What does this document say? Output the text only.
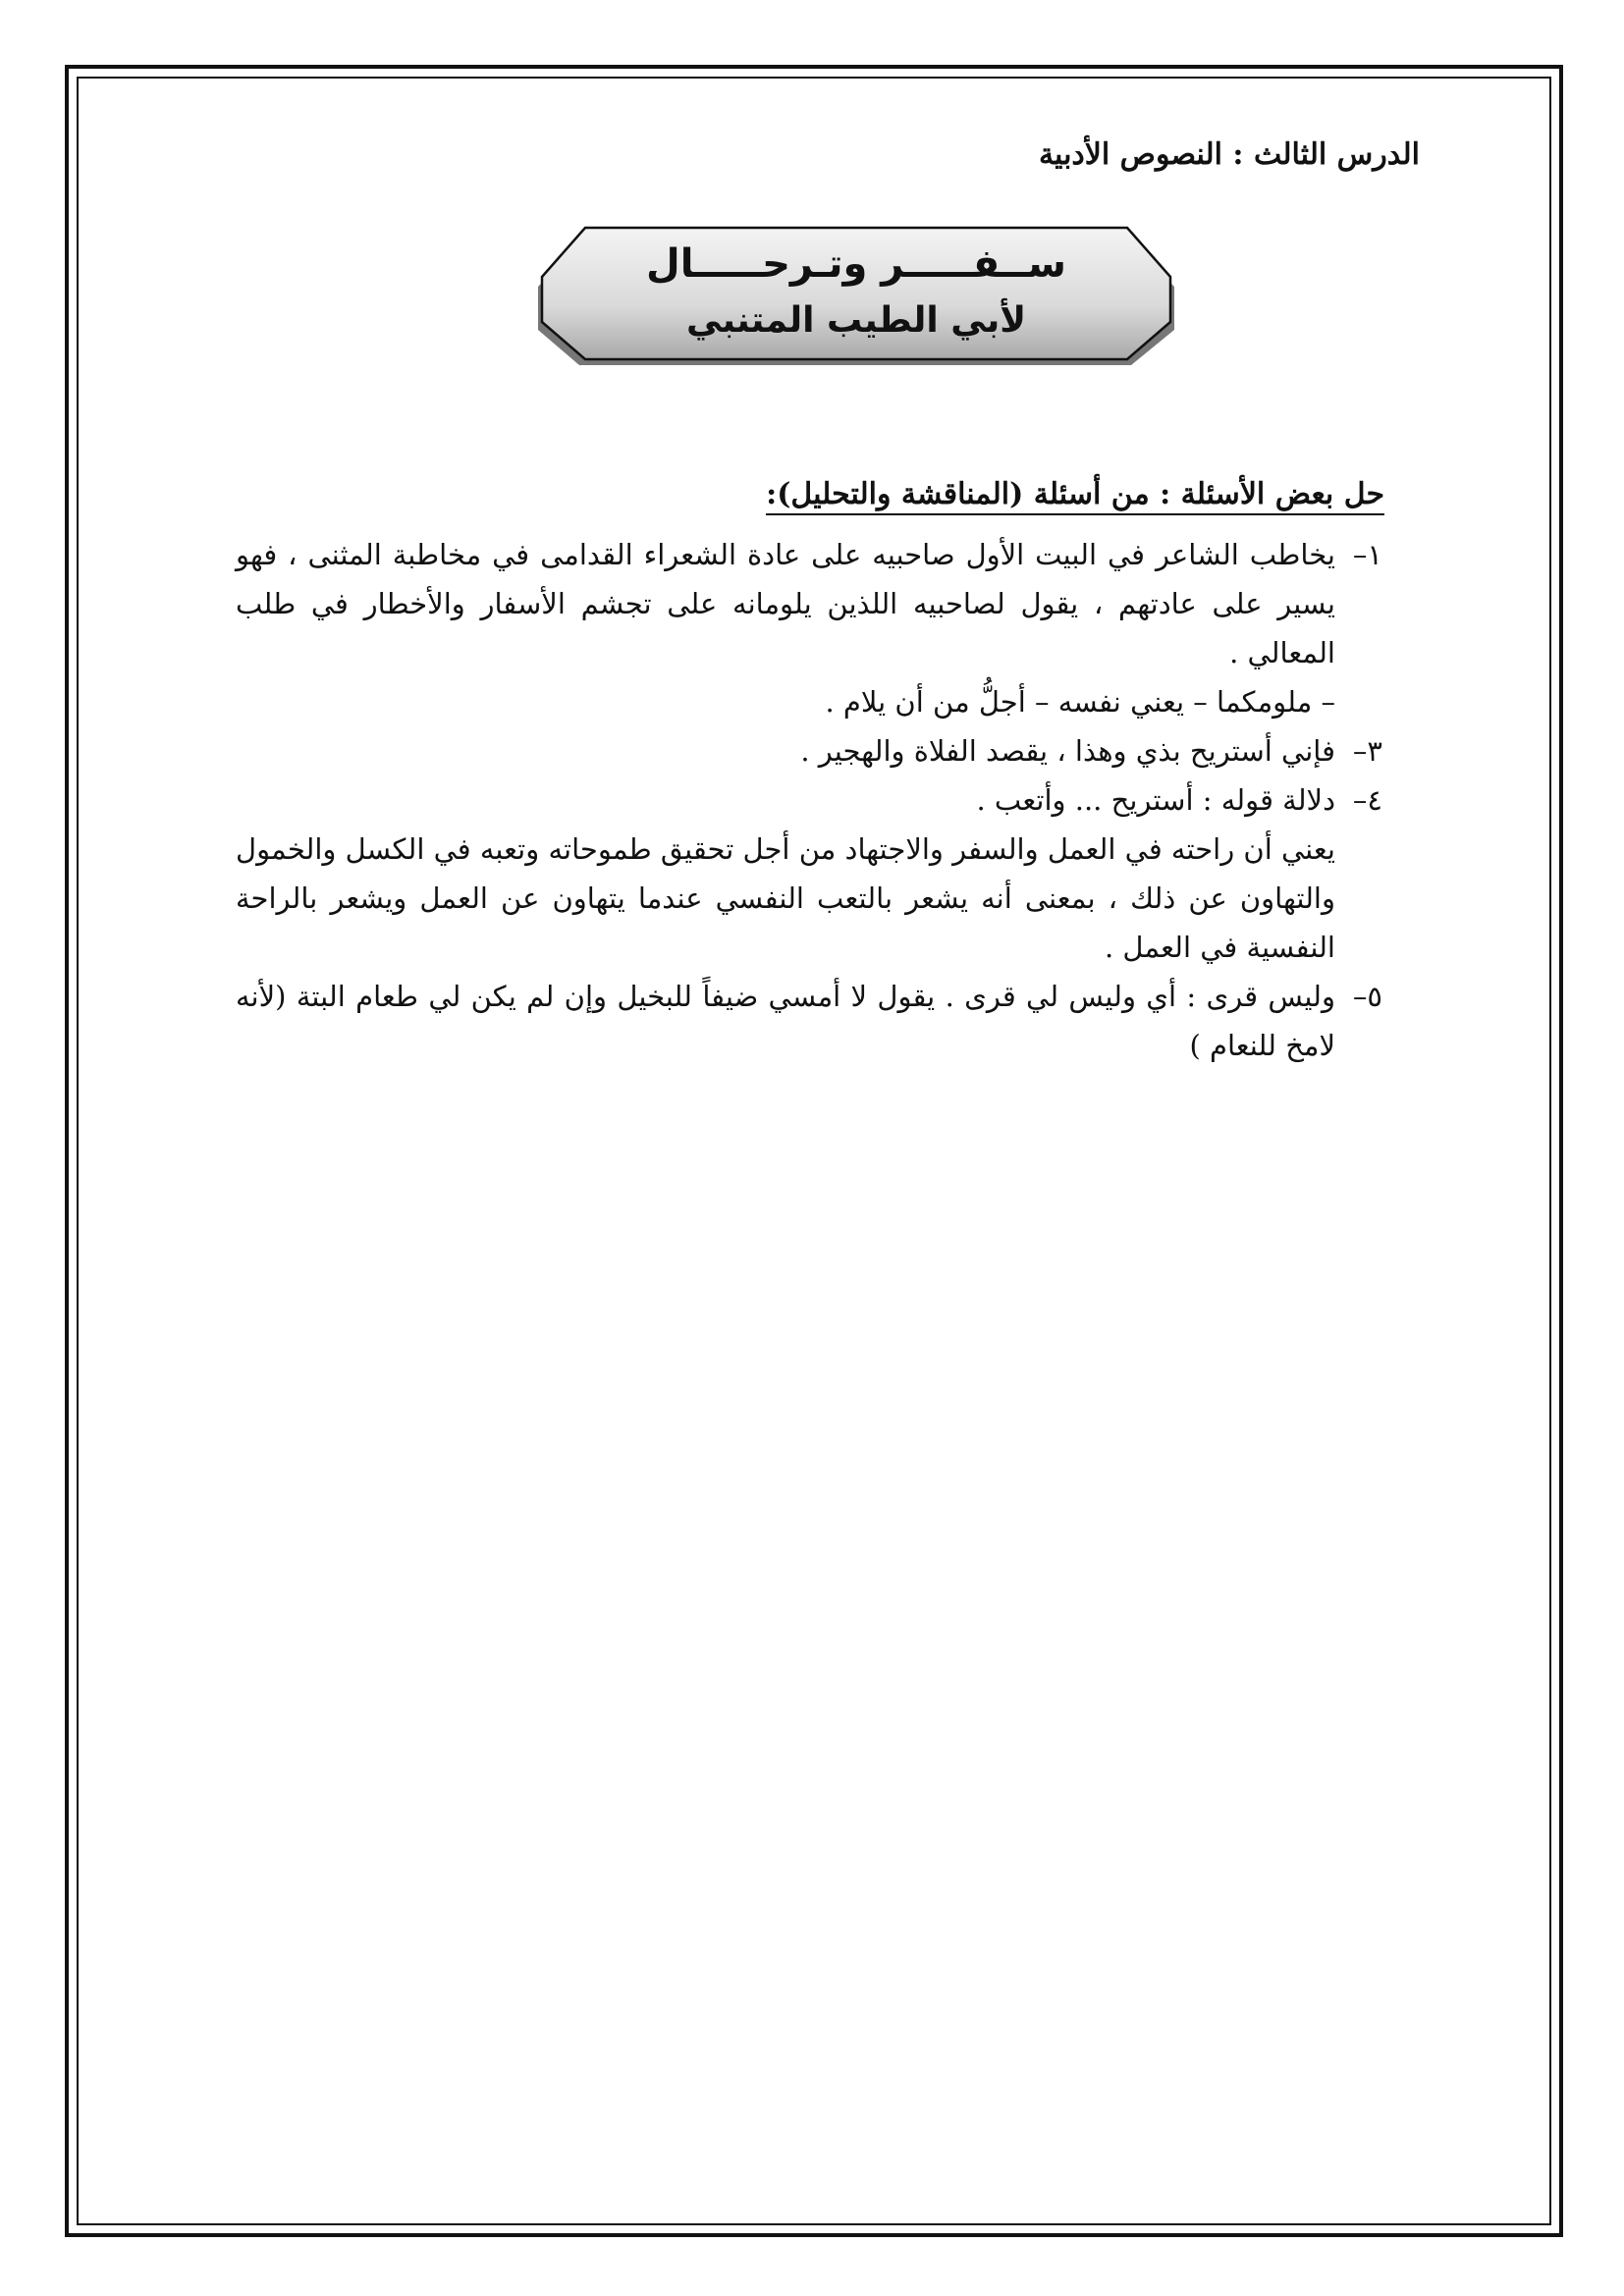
الدرس الثالث : النصوص الأدبية
ســفـــــر وتـرحـــــال
لأبي الطيب المتنبي
حل بعض الأسئلة : من أسئلة (المناقشة والتحليل):
١–يخاطب الشاعر في البيت الأول صاحبيه على عادة الشعراء القدامى في مخاطبة المثنى ، فهو يسير على عادتهم ، يقول لصاحبيه اللذين يلومانه على تجشم الأسفار والأخطار في طلب المعالي .
– ملومكما – يعني نفسه – أجلُّ من أن يلام .
٣–فإني أستريح بذي وهذا ، يقصد الفلاة والهجير .
٤–دلالة قوله : أستريح ... وأتعب .
يعني أن راحته في العمل والسفر والاجتهاد من أجل تحقيق طموحاته وتعبه في الكسل والخمول والتهاون عن ذلك ، بمعنى أنه يشعر بالتعب النفسي عندما يتهاون عن العمل ويشعر بالراحة النفسية في العمل .
٥–وليس قرى : أي وليس لي قرى . يقول لا أمسي ضيفاً للبخيل وإن لم يكن لي طعام البتة (لأنه لامخ للنعام )
